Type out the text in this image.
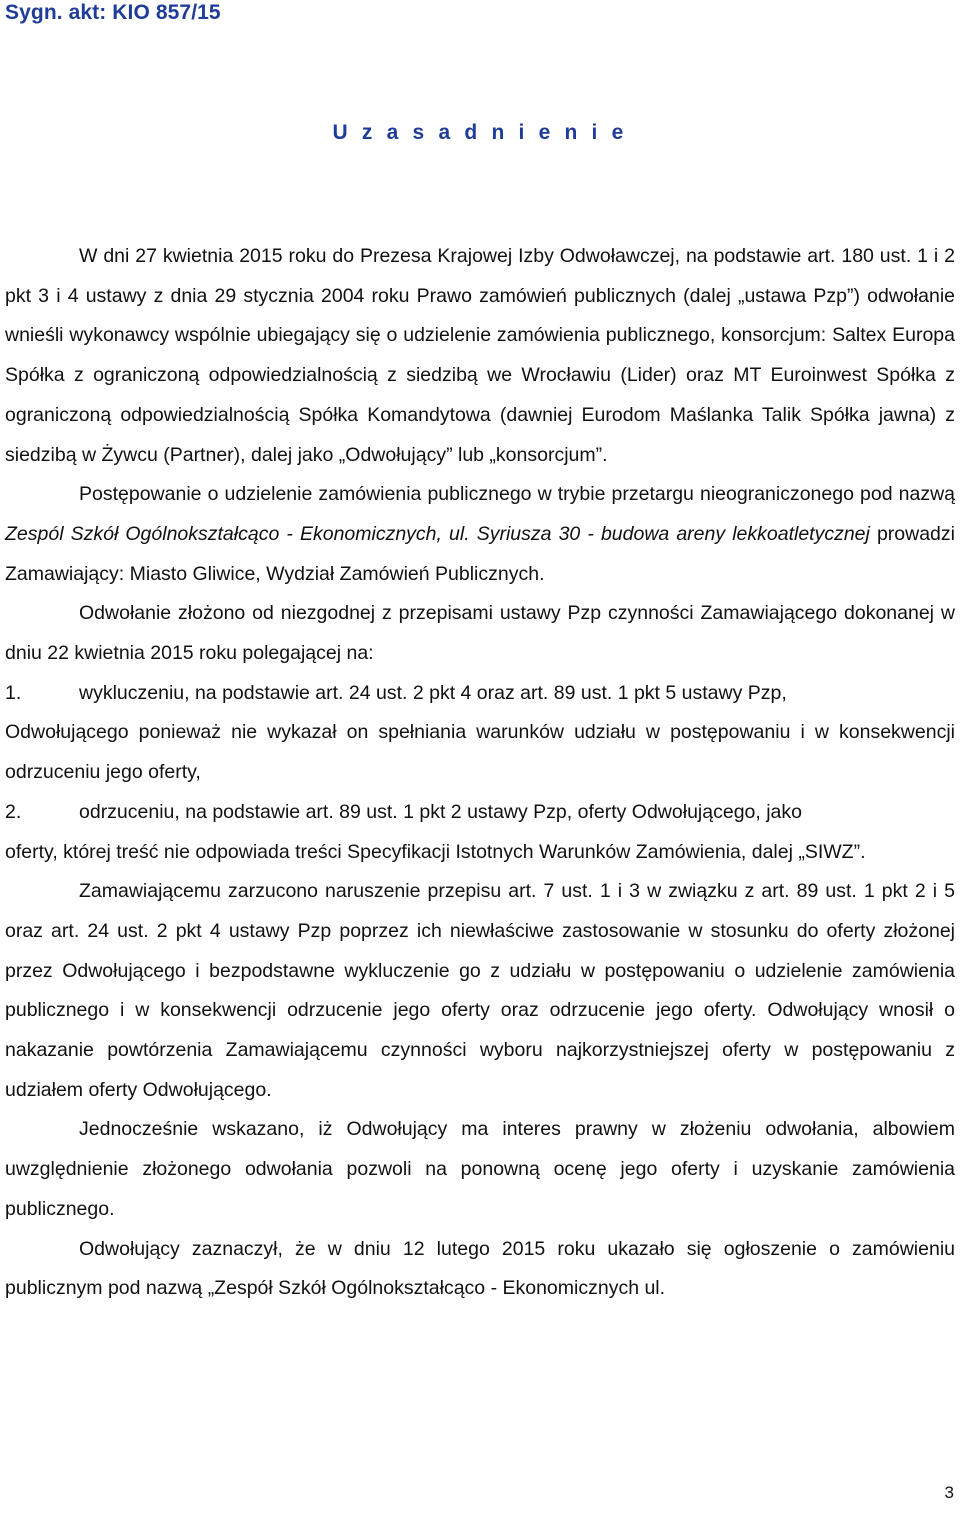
Sygn. akt: KIO 857/15
U z a s a d n i e n i e

W dni 27 kwietnia 2015 roku do Prezesa Krajowej Izby Odwoławczej, na podstawie art. 180 ust. 1 i 2 pkt 3 i 4 ustawy z dnia 29 stycznia 2004 roku Prawo zamówień publicznych (dalej „ustawa Pzp”) odwołanie wnieśli wykonawcy wspólnie ubiegający się o udzielenie zamówienia publicznego, konsorcjum: Saltex Europa Spółka z ograniczoną odpowiedzialnością z siedzibą we Wrocławiu (Lider) oraz MT Euroinwest Spółka z ograniczoną odpowiedzialnością Spółka Komandytowa (dawniej Eurodom Maślanka Talik Spółka jawna) z siedzibą w Żywcu (Partner), dalej jako „Odwołujący” lub „konsorcjum”.

Postępowanie o udzielenie zamówienia publicznego w trybie przetargu nieograniczonego pod nazwą Zespól Szkół Ogólnokształcąco - Ekonomicznych, ul. Syriusza 30 - budowa areny lekkoatletycznej prowadzi Zamawiający: Miasto Gliwice, Wydział Zamówień Publicznych.

Odwołanie złożono od niezgodnej z przepisami ustawy Pzp czynności Zamawiającego dokonanej w dniu 22 kwietnia 2015 roku polegającej na:

1.	wykluczeniu, na podstawie art. 24 ust. 2 pkt 4 oraz art. 89 ust. 1 pkt 5 ustawy Pzp,

Odwołującego ponieważ nie wykazał on spełniania warunków udziału w postępowaniu i w konsekwencji odrzuceniu jego oferty,

2.	odrzuceniu, na podstawie art. 89 ust. 1 pkt 2 ustawy Pzp, oferty Odwołującego, jako

oferty, której treść nie odpowiada treści Specyfikacji Istotnych Warunków Zamówienia, dalej „SIWZ”.

Zamawiającemu zarzucono naruszenie przepisu art. 7 ust. 1 i 3 w związku z art. 89 ust. 1 pkt 2 i 5 oraz art. 24 ust. 2 pkt 4 ustawy Pzp poprzez ich niewłaściwe zastosowanie w stosunku do oferty złożonej przez Odwołującego i bezpodstawne wykluczenie go z udziału w postępowaniu o udzielenie zamówienia publicznego i w konsekwencji odrzucenie jego oferty oraz odrzucenie jego oferty. Odwołujący wnosił o nakazanie powtórzenia Zamawiającemu czynności wyboru najkorzystniejszej oferty w postępowaniu z udziałem oferty Odwołującego.

Jednocześnie wskazano, iż Odwołujący ma interes prawny w złożeniu odwołania, albowiem uwzględnienie złożonego odwołania pozwoli na ponowną ocenę jego oferty i uzyskanie zamówienia publicznego.

Odwołujący zaznaczył, że w dniu 12 lutego 2015 roku ukazało się ogłoszenie o zamówieniu publicznym pod nazwą „Zespół Szkół Ogólnokształcąco - Ekonomicznych ul.

3
